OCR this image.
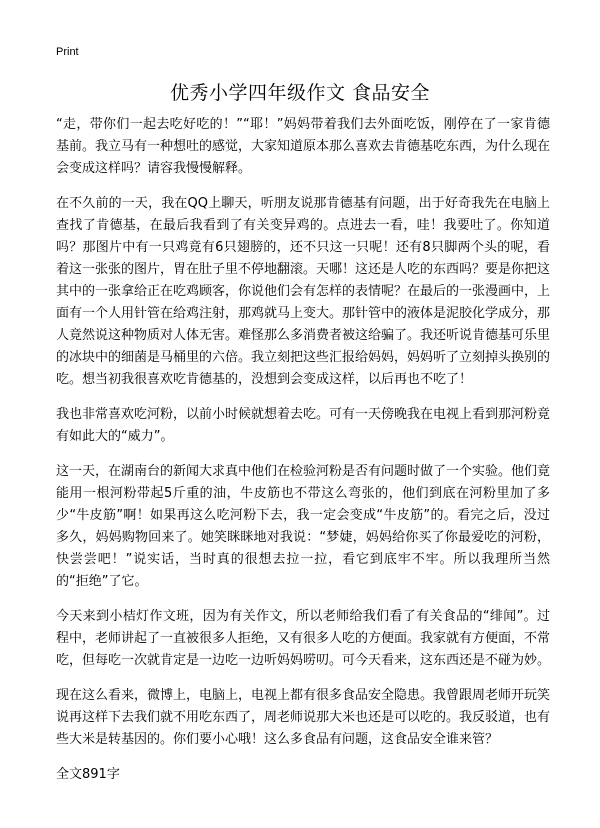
Print
优秀小学四年级作文 食品安全

“走，带你们一起去吃好吃的！”“耶！”妈妈带着我们去外面吃饭，刚停在了一家肯德基前。我立马有一种想吐的感觉，大家知道原本那么喜欢去肯德基吃东西，为什么现在会变成这样吗？请容我慢慢解释。

在不久前的一天，我在QQ上聊天，听朋友说那肯德基有问题，出于好奇我先在电脑上查找了肯德基，在最后我看到了有关变异鸡的。点进去一看，哇！我要吐了。你知道吗？那图片中有一只鸡竟有6只翅膀的，还不只这一只呢！还有8只脚两个头的呢，看着这一张张的图片，胃在肚子里不停地翻滚。天哪！这还是人吃的东西吗？要是你把这其中的一张拿给正在吃鸡顾客，你说他们会有怎样的表情呢？在最后的一张漫画中，上面有一个人用针管在给鸡注射，那鸡就马上变大。那针管中的液体是泥胶化学成分，那人竟然说这种物质对人体无害。难怪那么多消费者被这给骗了。我还听说肯德基可乐里的冰块中的细菌是马桶里的六倍。我立刻把这些汇报给妈妈，妈妈听了立刻掉头换别的吃。想当初我很喜欢吃肯德基的，没想到会变成这样，以后再也不吃了！

我也非常喜欢吃河粉，以前小时候就想着去吃。可有一天傍晚我在电视上看到那河粉竟有如此大的“威力”。

这一天，在湖南台的新闻大求真中他们在检验河粉是否有问题时做了一个实验。他们竟能用一根河粉带起5斤重的油，牛皮筋也不带这么弯张的，他们到底在河粉里加了多少“牛皮筋”啊！如果再这么吃河粉下去，我一定会变成“牛皮筋”的。看完之后，没过多久，妈妈购物回来了。她笑眯眯地对我说：“梦婕，妈妈给你买了你最爱吃的河粉，快尝尝吧！”说实话，当时真的很想去拉一拉，看它到底牢不牢。所以我理所当然的“拒绝”了它。

今天来到小桔灯作文班，因为有关作文，所以老师给我们看了有关食品的“绯闻”。过程中，老师讲起了一直被很多人拒绝，又有很多人吃的方便面。我家就有方便面，不常吃，但每吃一次就肯定是一边吃一边听妈妈唠叨。可今天看来，这东西还是不碰为妙。

现在这么看来，微博上，电脑上，电视上都有很多食品安全隐患。我曾跟周老师开玩笑说再这样下去我们就不用吃东西了，周老师说那大米也还是可以吃的。我反驳道，也有些大米是转基因的。你们要小心哦！这么多食品有问题，这食品安全谁来管？

全文891字
